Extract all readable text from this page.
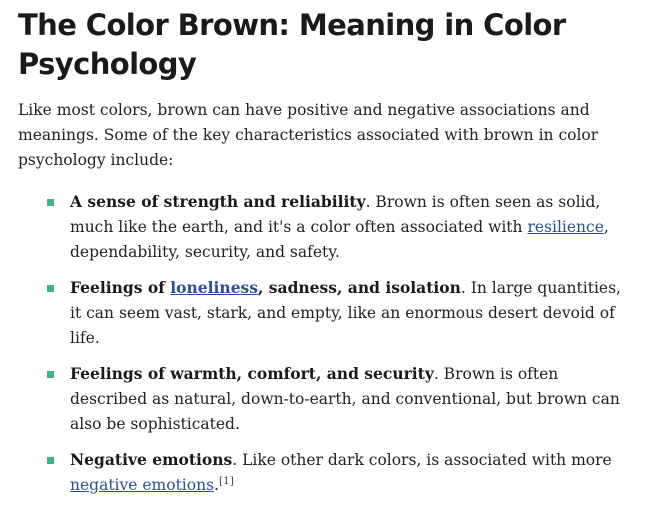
The Color Brown: Meaning in Color Psychology

Like most colors, brown can have positive and negative associations and meanings. Some of the key characteristics associated with brown in color psychology include:

A sense of strength and reliability. Brown is often seen as solid, much like the earth, and it's a color often associated with resilience, dependability, security, and safety.
Feelings of loneliness, sadness, and isolation. In large quantities, it can seem vast, stark, and empty, like an enormous desert devoid of life.
Feelings of warmth, comfort, and security. Brown is often described as natural, down-to-earth, and conventional, but brown can also be sophisticated.
Negative emotions. Like other dark colors, is associated with more negative emotions.[1]
